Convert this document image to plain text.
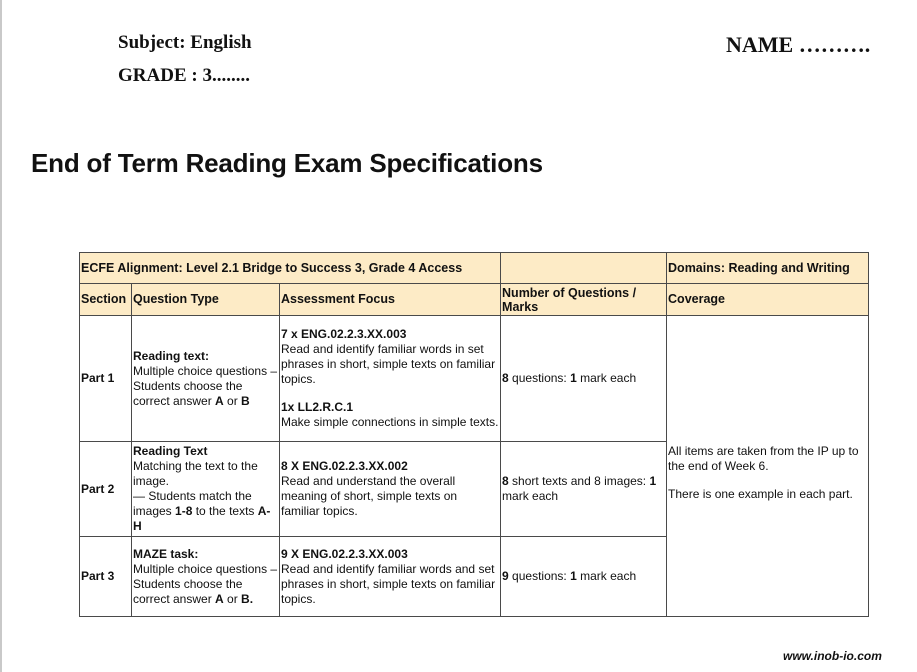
Subject: English
GRADE : 3........
NAME ……….
End of Term Reading Exam Specifications
ECFE Alignment: Level 2.1 Bridge to Success 3, Grade 4 Access				Domains: Reading and Writing
Section	Question Type	Assessment Focus	Number of Questions / Marks	Coverage
Part 1	Reading text:
Multiple choice questions – Students choose the correct answer A or B	7 x ENG.02.2.3.XX.003
Read and identify familiar words in set phrases in short, simple texts on familiar topics.
1x LL2.R.C.1
Make simple connections in simple texts.	8 questions: 1 mark each	All items are taken from the IP up to the end of Week 6.
There is one example in each part.
Part 2	Reading Text
Matching the text to the image.
— Students match the images 1-8 to the texts A-H	8 X ENG.02.2.3.XX.002
Read and understand the overall meaning of short, simple texts on familiar topics.	8 short texts and 8 images: 1 mark each	
Part 3	MAZE task:
Multiple choice questions – Students choose the correct answer A or B.	9 X ENG.02.2.3.XX.003
Read and identify familiar words and set phrases in short, simple texts on familiar topics.	9 questions: 1 mark each	
www.inob-io.com
